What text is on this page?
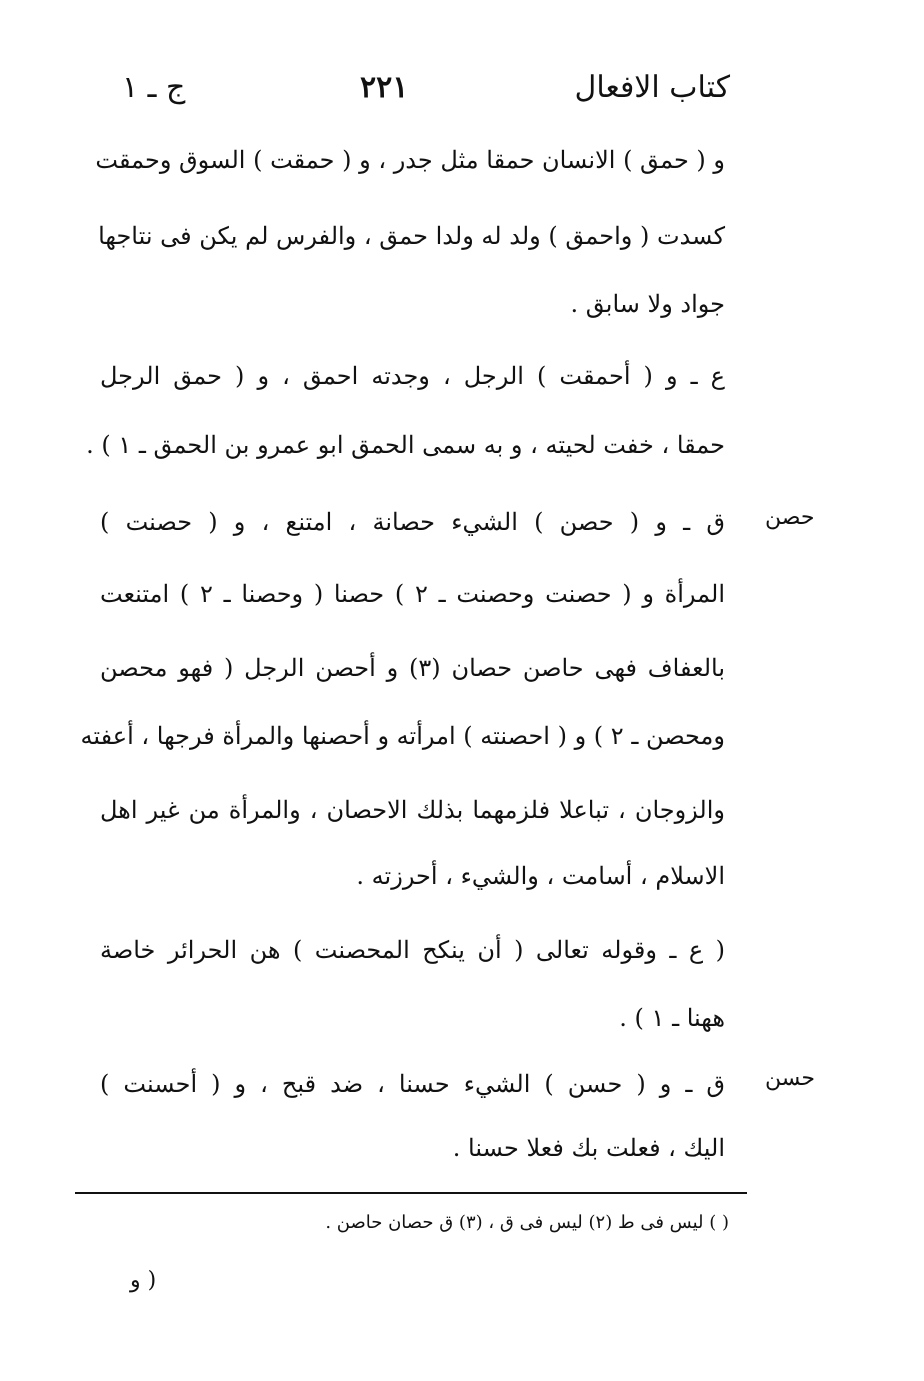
كتاب الافعال
٢٢١
ج ـ ١
و ( حمق ) الانسان حمقا مثل جدر ، و ( حمقت ) السوق وحمقت
كسدت ( واحمق ) ولد له ولدا حمق ، والفرس لم يكن فى نتاجها
جواد ولا سابق .
ع ـ و ( أحمقت ) الرجل ، وجدته احمق ، و ( حمق الرجل
حمقا ، خفت لحيته ، و به سمى الحمق ابو عمرو بن الحمق ـ ١ ) .
ق ـ و ( حصن ) الشيء حصانة ، امتنع ، و ( حصنت )
المرأة و ( حصنت وحصنت ـ ٢ ) حصنا ( وحصنا ـ ٢ ) امتنعت
بالعفاف فهى حاصن حصان (٣) و أحصن الرجل ( فهو محصن
ومحصن ـ ٢ ) و ( احصنته ) امرأته و أحصنها والمرأة فرجها ، أعفته
والزوجان ، تباعلا فلزمهما بذلك الاحصان ، والمرأة من غير اهل
الاسلام ، أسامت ، والشيء ، أحرزته .
( ع ـ وقوله تعالى ( أن ينكح المحصنت ) هن الحرائر خاصة
ههنا ـ ١ ) .
ق ـ و ( حسن ) الشيء حسنا ، ضد قبح ، و ( أحسنت )
اليك ، فعلت بك فعلا حسنا .
حصن
حسن
( ) ليس فى ط (٢) ليس فى ق ، (٣) ق حصان حاصن .
( و
